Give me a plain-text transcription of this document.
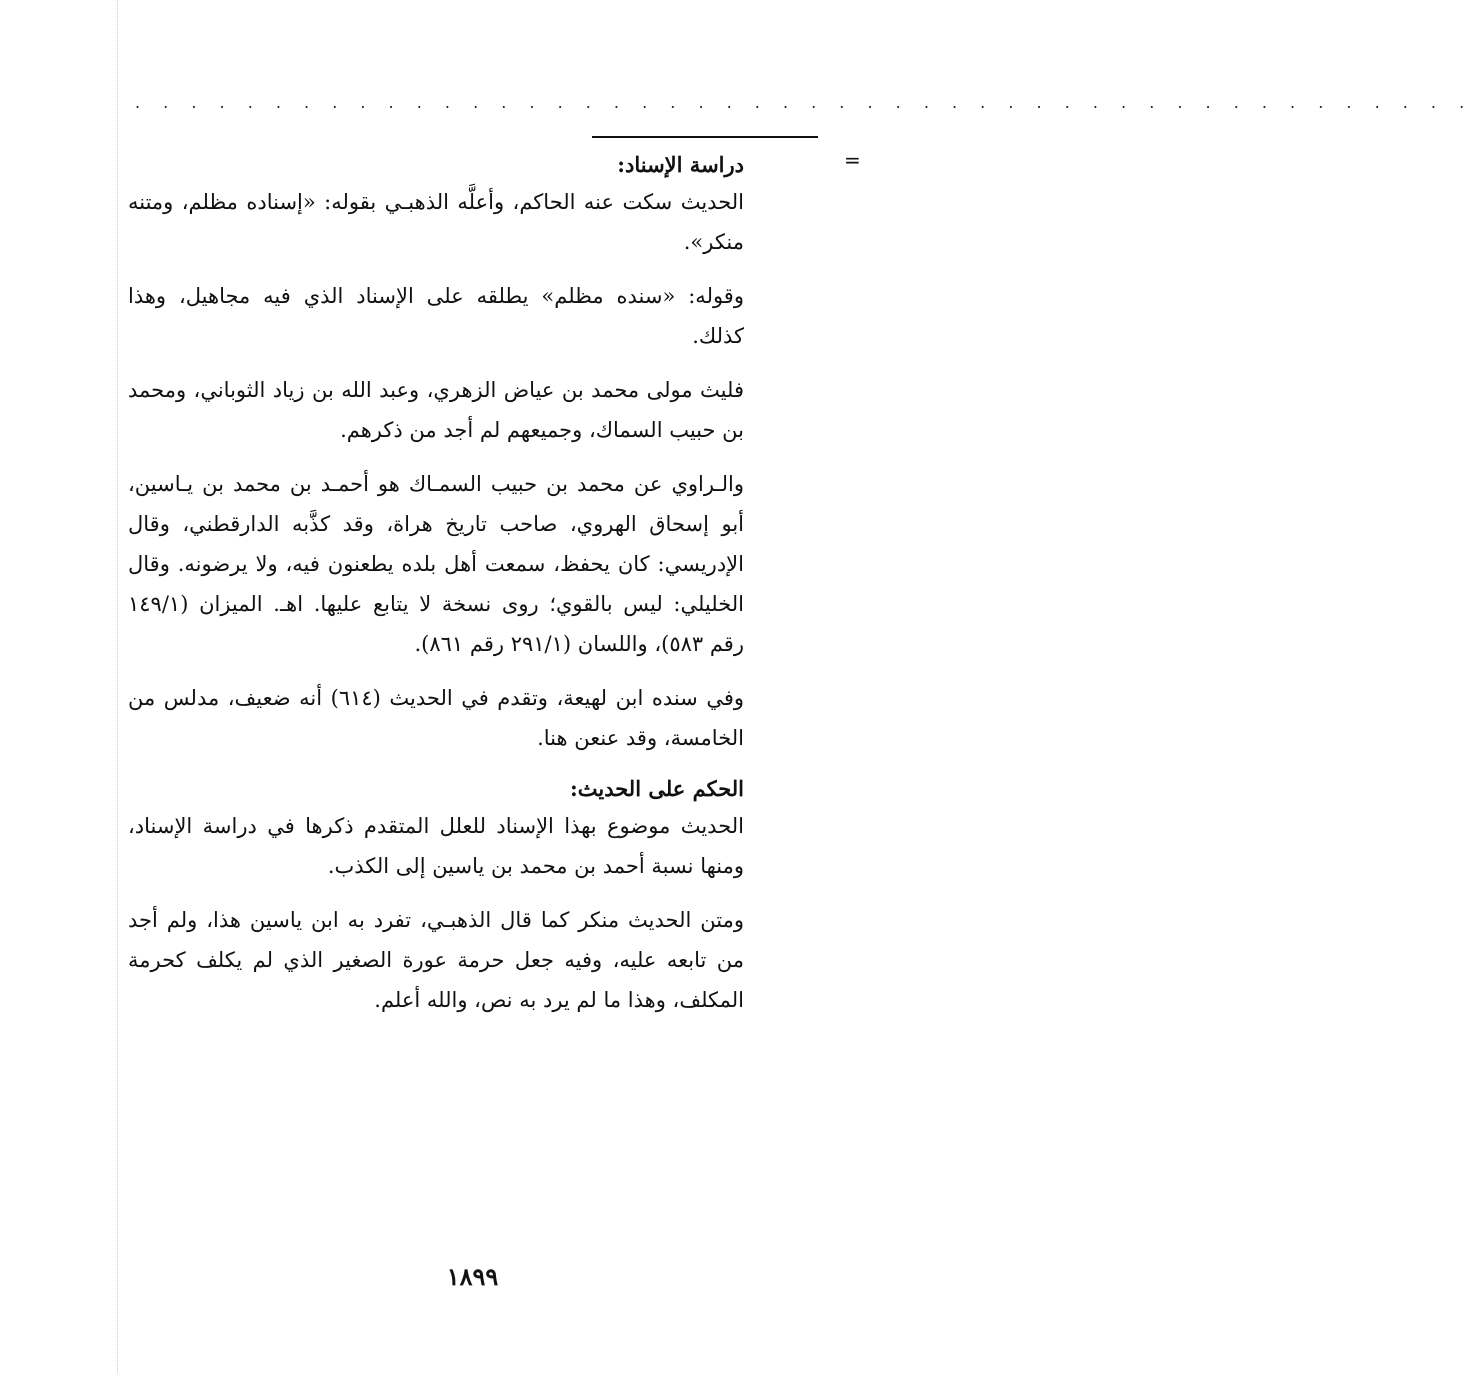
. . . . . . . . . . . . . . . . . . . . . . . . . . . . . . . . . . . . . . . . . . . . . . . .
=
دراسة الإسناد:

الحديث سكت عنه الحاكم، وأعلَّه الذهبـي بقوله: «إسناده مظلم، ومتنه منكر».

وقوله: «سنده مظلم» يطلقه على الإسناد الذي فيه مجاهيل، وهذا كذلك.

فليث مولى محمد بن عياض الزهري، وعبد الله بن زياد الثوباني، ومحمد بن حبيب السماك، وجميعهم لم أجد من ذكرهم.

والـراوي عن محمد بن حبيب السمـاك هو أحمـد بن محمد بن يـاسين، أبو إسحاق الهروي، صاحب تاريخ هراة، وقد كذَّبه الدارقطني، وقال الإدريسي: كان يحفظ، سمعت أهل بلده يطعنون فيه، ولا يرضونه. وقال الخليلي: ليس بالقوي؛ روى نسخة لا يتابع عليها. اهـ. الميزان (١٤٩/١ رقم ٥٨٣)، واللسان (٢٩١/١ رقم ٨٦١).

وفي سنده ابن لهيعة، وتقدم في الحديث (٦١٤) أنه ضعيف، مدلس من الخامسة، وقد عنعن هنا.

الحكم على الحديث:

الحديث موضوع بهذا الإسناد للعلل المتقدم ذكرها في دراسة الإسناد، ومنها نسبة أحمد بن محمد بن ياسين إلى الكذب.

ومتن الحديث منكر كما قال الذهبـي، تفرد به ابن ياسين هذا، ولم أجد من تابعه عليه، وفيه جعل حرمة عورة الصغير الذي لم يكلف كحرمة المكلف، وهذا ما لم يرد به نص، والله أعلم.

١٨٩٩
